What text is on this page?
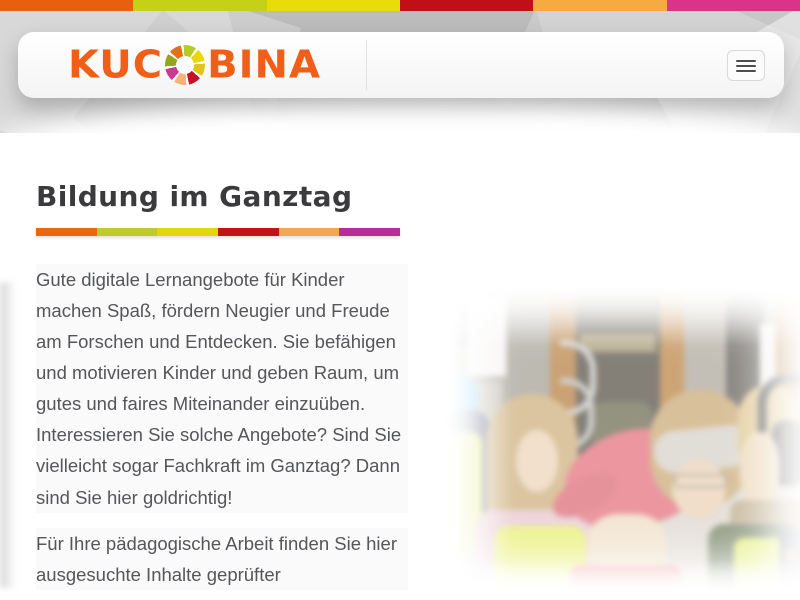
KUC BINA
Bildung im Ganztag

Gute digitale Lernangebote für Kinder machen Spaß, fördern Neugier und Freude am Forschen und Entdecken. Sie befähigen und motivieren Kinder und geben Raum, um gutes und faires Miteinander einzuüben. Interessieren Sie solche Angebote? Sind Sie vielleicht sogar Fachkraft im Ganztag? Dann sind Sie hier goldrichtig!

Für Ihre pädagogische Arbeit finden Sie hier ausgesuchte Inhalte geprüfter
